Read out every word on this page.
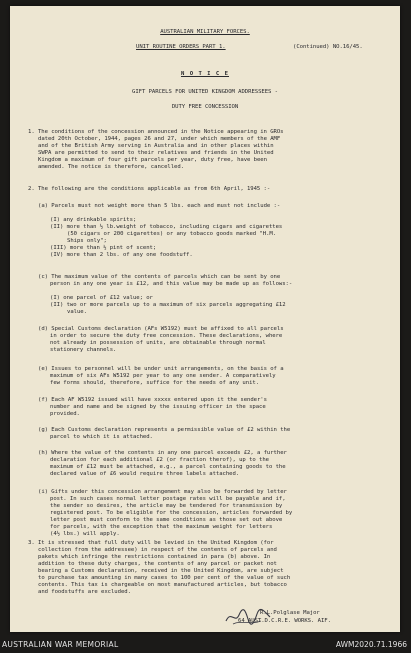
AUSTRALIAN MILITARY FORCES.
UNIT ROUTINE ORDERS PART 1.	(Continued) NO.16/45.
N O T I C E
GIFT PARCELS FOR UNITED KINGDOM ADDRESSEES -
DUTY FREE CONCESSION
1. The conditions of the concession announced in the Notice appearing in GROs
dated 20th October, 1944, pages 26 and 27, under which members of the AMF
and of the British Army serving in Australia and in other places within
SWPA are permitted to send to their relatives and friends in the United
Kingdom a maximum of four gift parcels per year, duty free, have been
amended. The notice is therefore, cancelled.
2. The following are the conditions applicable as from 6th April, 1945 :-
(a) Parcels must not weight more than 5 lbs. each and must not include :-
(I) any drinkable spirits;
(II) more than ½ lb.weight of tobacco, including cigars and cigarettes
(50 cigars or 200 cigarettes) or any tobacco goods marked "H.M.
Ships only";
(III) more than ½ pint of scent;
(IV) more than 2 lbs. of any one foodstuff.
(c) The maximum value of the contents of parcels which can be sent by one
person in any one year is £12, and this value may be made up as follows:-
(I) one parcel of £12 value; or
(II) two or more parcels up to a maximum of six parcels aggregating £12
value.
(d) Special Customs declaration (AFs W5192) must be affixed to all parcels
in order to secure the duty free concession. These declarations, where
not already in possession of units, are obtainable through normal
stationery channels.
(e) Issues to personnel will be under unit arrangements, on the basis of a
maximum of six AFs W5192 per year to any one sender. A comparatively
few forms should, therefore, suffice for the needs of any unit.
(f) Each AF W5192 issued will have xxxxx entered upon it the sender's
number and name and be signed by the issuing officer in the space
provided.
(g) Each Customs declaration represents a permissible value of £2 within the
parcel to which it is attached.
(h) Where the value of the contents in any one parcel exceeds £2, a further
declaration for each additional £2 (or fraction therof), up to the
maximum of £12 must be attached, e.g., a parcel containing goods to the
declared value of £6 would require three labels attached.
(i) Gifts under this concession arrangement may also be forwarded by letter
post. In such cases normal letter postage rates will be payable and if,
the sender so desires, the article may be tendered for transmission by
registered post. To be eligible for the concession, articles forwarded by
letter post must conform to the same conditions as those set out above
for parcels, with the exception that the maximum weight for letters
(4½ lbs.) will apply.
3. It is stressed that full duty will be levied in the United Kingdom (for
collection from the addressee) in respect of the contents of parcels and
pakets which infringe the restrictions contained in para (b) above. In
addition to these duty charges, the contents of any parcel or packet not
bearing a Customs declaration, received in the United Kingdom, are subject
to purchase tax amounting in many cases to 100 per cent of the value of such
contents. This tax is chargeable on most manufactured articles, but tobacco
and foodstuffs are excluded.
R.L.Polglase Major
64 AUST.D.C.R.E. WORKS. AIF.
AUSTRALIAN WAR MEMORIAL	AWM2020.71.1966
